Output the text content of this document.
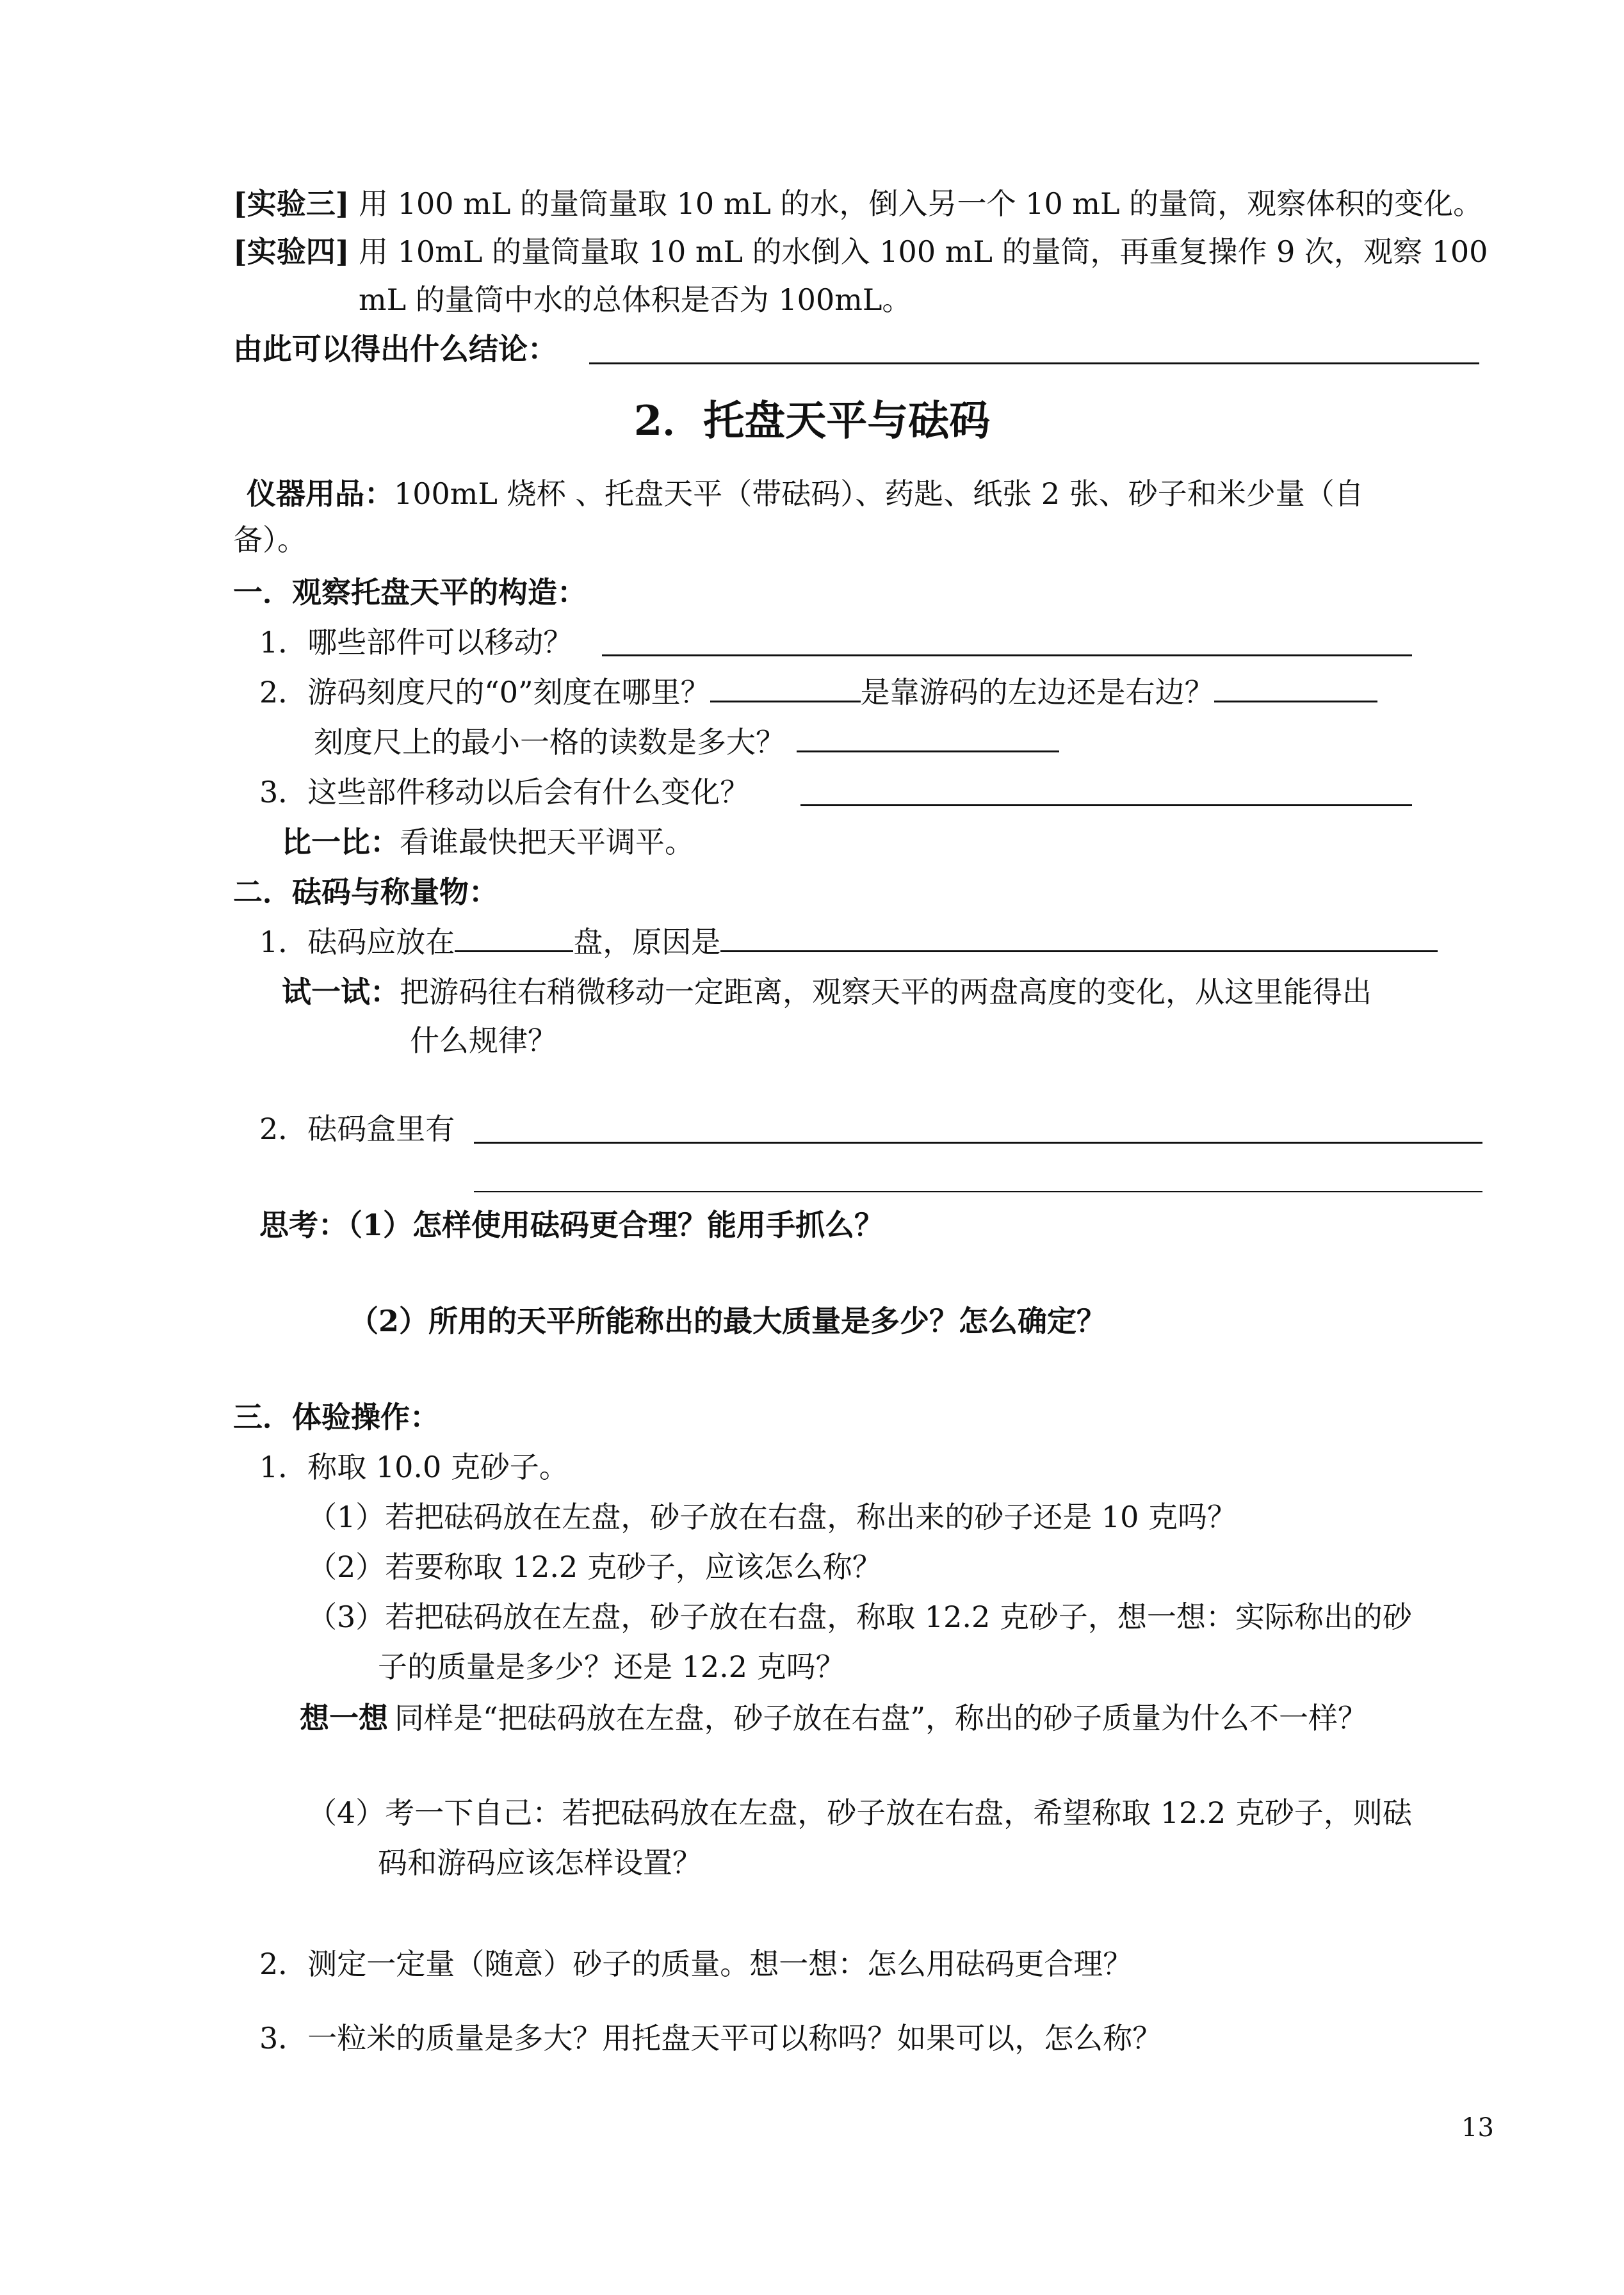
[实验三] 用 100 mL 的量筒量取 10 mL 的水，倒入另一个 10 mL 的量筒，观察体积的变化。
[实验四] 用 10mL 的量筒量取 10 mL 的水倒入 100 mL 的量筒，再重复操作 9 次，观察 100
mL 的量筒中水的总体积是否为 100mL。
由此可以得出什么结论：
2．托盘天平与砝码
仪器用品：100mL 烧杯 、托盘天平（带砝码）、药匙、纸张 2 张、砂子和米少量（自
备）。
一．观察托盘天平的构造：
1．哪些部件可以移动？
2．游码刻度尺的“0”刻度在哪里？	是靠游码的左边还是右边？
刻度尺上的最小一格的读数是多大？
3．这些部件移动以后会有什么变化？
比一比：看谁最快把天平调平。
二．砝码与称量物：
1．砝码应放在	盘，原因是
试一试：把游码往右稍微移动一定距离，观察天平的两盘高度的变化，从这里能得出
什么规律？
2．砝码盒里有
思考：（1）怎样使用砝码更合理？能用手抓么？
（2）所用的天平所能称出的最大质量是多少？怎么确定？
三．体验操作：
1．称取 10.0 克砂子。
（1）若把砝码放在左盘，砂子放在右盘，称出来的砂子还是 10 克吗？
（2）若要称取 12.2 克砂子，应该怎么称？
（3）若把砝码放在左盘，砂子放在右盘，称取 12.2 克砂子，想一想：实际称出的砂
子的质量是多少？还是 12.2 克吗？
想一想 同样是“把砝码放在左盘，砂子放在右盘”，称出的砂子质量为什么不一样？
（4）考一下自己：若把砝码放在左盘，砂子放在右盘，希望称取 12.2 克砂子，则砝
码和游码应该怎样设置？
2．测定一定量（随意）砂子的质量。想一想：怎么用砝码更合理？
3．一粒米的质量是多大？用托盘天平可以称吗？如果可以，怎么称？
13
